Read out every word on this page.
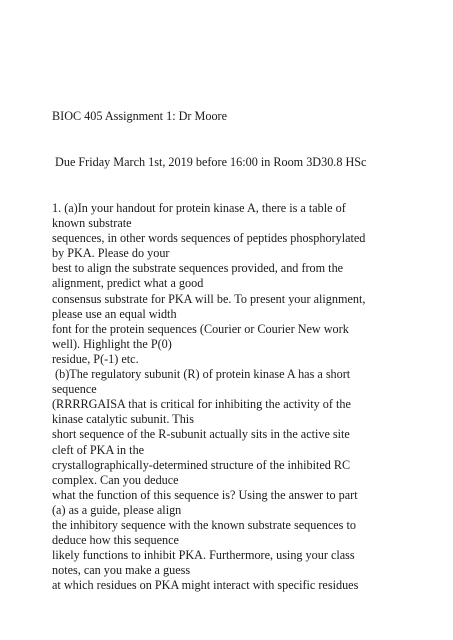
BIOC 405 Assignment 1: Dr Moore
Due Friday March 1st, 2019 before 16:00 in Room 3D30.8 HSc
1. (a)In your handout for protein kinase A, there is a table of
known substrate
sequences, in other words sequences of peptides phosphorylated
by PKA. Please do your
best to align the substrate sequences provided, and from the
alignment, predict what a good
consensus substrate for PKA will be. To present your alignment,
please use an equal width
font for the protein sequences (Courier or Courier New work
well). Highlight the P(0)
residue, P(-1) etc.
(b)The regulatory subunit (R) of protein kinase A has a short
sequence
(RRRRGAISA that is critical for inhibiting the activity of the
kinase catalytic subunit. This
short sequence of the R-subunit actually sits in the active site
cleft of PKA in the
crystallographically-determined structure of the inhibited RC
complex. Can you deduce
what the function of this sequence is? Using the answer to part
(a) as a guide, please align
the inhibitory sequence with the known substrate sequences to
deduce how this sequence
likely functions to inhibit PKA. Furthermore, using your class
notes, can you make a guess
at which residues on PKA might interact with specific residues
